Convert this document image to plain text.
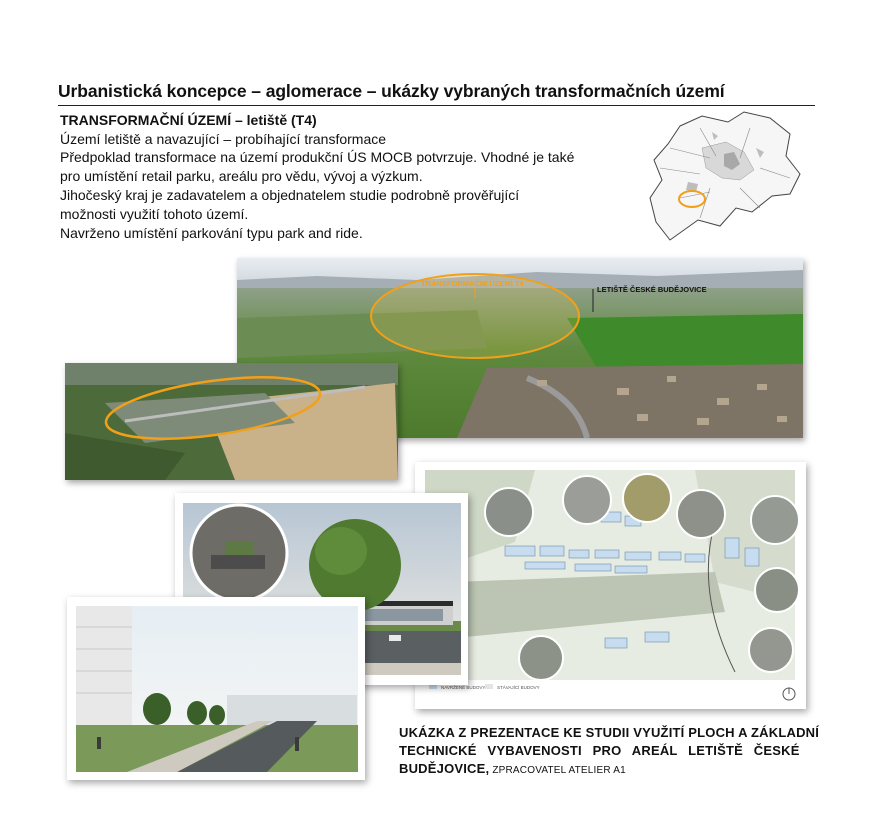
Urbanistická koncepce – aglomerace – ukázky vybraných transformačních území
TRANSFORMAČNÍ ÚZEMÍ – letiště (T4)
Území letiště a navazující – probíhající transformace
Předpoklad transformace na území produkční ÚS MOCB potvrzuje. Vhodné je také
pro umístění retail parku, areálu pro vědu, vývoj a výzkum.
Jihočeský kraj je zadavatelem a objednatelem studie podrobně prověřující
možnosti využití tohoto území.
Navrženo umístění parkování typu park and ride.
TRANSFORMAČNÍ ÚZEMÍ T4
LETIŠTĚ ČESKÉ BUDĚJOVICE
NAVRŽENÉ BUDOVY	STÁVAJÍCÍ BUDOVY
UKÁZKA Z PREZENTACE KE STUDII VYUŽITÍ PLOCH A ZÁKLADNÍ
TECHNICKÉ VYBAVENOSTI PRO AREÁL LETIŠTĚ ČESKÉ
BUDĚJOVICE, ZPRACOVATEL ATELIER A1
